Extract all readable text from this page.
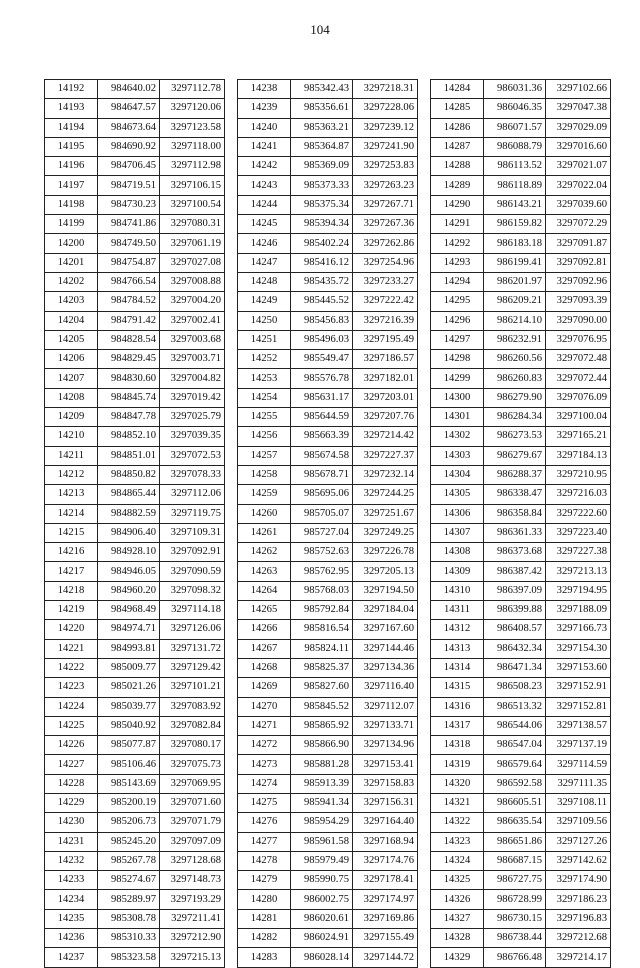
104
14192	984640.02	3297112.78
14193	984647.57	3297120.06
14194	984673.64	3297123.58
14195	984690.92	3297118.00
14196	984706.45	3297112.98
14197	984719.51	3297106.15
14198	984730.23	3297100.54
14199	984741.86	3297080.31
14200	984749.50	3297061.19
14201	984754.87	3297027.08
14202	984766.54	3297008.88
14203	984784.52	3297004.20
14204	984791.42	3297002.41
14205	984828.54	3297003.68
14206	984829.45	3297003.71
14207	984830.60	3297004.82
14208	984845.74	3297019.42
14209	984847.78	3297025.79
14210	984852.10	3297039.35
14211	984851.01	3297072.53
14212	984850.82	3297078.33
14213	984865.44	3297112.06
14214	984882.59	3297119.75
14215	984906.40	3297109.31
14216	984928.10	3297092.91
14217	984946.05	3297090.59
14218	984960.20	3297098.32
14219	984968.49	3297114.18
14220	984974.71	3297126.06
14221	984993.81	3297131.72
14222	985009.77	3297129.42
14223	985021.26	3297101.21
14224	985039.77	3297083.92
14225	985040.92	3297082.84
14226	985077.87	3297080.17
14227	985106.46	3297075.73
14228	985143.69	3297069.95
14229	985200.19	3297071.60
14230	985206.73	3297071.79
14231	985245.20	3297097.09
14232	985267.78	3297128.68
14233	985274.67	3297148.73
14234	985289.97	3297193.29
14235	985308.78	3297211.41
14236	985310.33	3297212.90
14237	985323.58	3297215.13
14238	985342.43	3297218.31
14239	985356.61	3297228.06
14240	985363.21	3297239.12
14241	985364.87	3297241.90
14242	985369.09	3297253.83
14243	985373.33	3297263.23
14244	985375.34	3297267.71
14245	985394.34	3297267.36
14246	985402.24	3297262.86
14247	985416.12	3297254.96
14248	985435.72	3297233.27
14249	985445.52	3297222.42
14250	985456.83	3297216.39
14251	985496.03	3297195.49
14252	985549.47	3297186.57
14253	985576.78	3297182.01
14254	985631.17	3297203.01
14255	985644.59	3297207.76
14256	985663.39	3297214.42
14257	985674.58	3297227.37
14258	985678.71	3297232.14
14259	985695.06	3297244.25
14260	985705.07	3297251.67
14261	985727.04	3297249.25
14262	985752.63	3297226.78
14263	985762.95	3297205.13
14264	985768.03	3297194.50
14265	985792.84	3297184.04
14266	985816.54	3297167.60
14267	985824.11	3297144.46
14268	985825.37	3297134.36
14269	985827.60	3297116.40
14270	985845.52	3297112.07
14271	985865.92	3297133.71
14272	985866.90	3297134.96
14273	985881.28	3297153.41
14274	985913.39	3297158.83
14275	985941.34	3297156.31
14276	985954.29	3297164.40
14277	985961.58	3297168.94
14278	985979.49	3297174.76
14279	985990.75	3297178.41
14280	986002.75	3297174.97
14281	986020.61	3297169.86
14282	986024.91	3297155.49
14283	986028.14	3297144.72
14284	986031.36	3297102.66
14285	986046.35	3297047.38
14286	986071.57	3297029.09
14287	986088.79	3297016.60
14288	986113.52	3297021.07
14289	986118.89	3297022.04
14290	986143.21	3297039.60
14291	986159.82	3297072.29
14292	986183.18	3297091.87
14293	986199.41	3297092.81
14294	986201.97	3297092.96
14295	986209.21	3297093.39
14296	986214.10	3297090.00
14297	986232.91	3297076.95
14298	986260.56	3297072.48
14299	986260.83	3297072.44
14300	986279.90	3297076.09
14301	986284.34	3297100.04
14302	986273.53	3297165.21
14303	986279.67	3297184.13
14304	986288.37	3297210.95
14305	986338.47	3297216.03
14306	986358.84	3297222.60
14307	986361.33	3297223.40
14308	986373.68	3297227.38
14309	986387.42	3297213.13
14310	986397.09	3297194.95
14311	986399.88	3297188.09
14312	986408.57	3297166.73
14313	986432.34	3297154.30
14314	986471.34	3297153.60
14315	986508.23	3297152.91
14316	986513.32	3297152.81
14317	986544.06	3297138.57
14318	986547.04	3297137.19
14319	986579.64	3297114.59
14320	986592.58	3297111.35
14321	986605.51	3297108.11
14322	986635.54	3297109.56
14323	986651.86	3297127.26
14324	986687.15	3297142.62
14325	986727.75	3297174.90
14326	986728.99	3297186.23
14327	986730.15	3297196.83
14328	986738.44	3297212.68
14329	986766.48	3297214.17
